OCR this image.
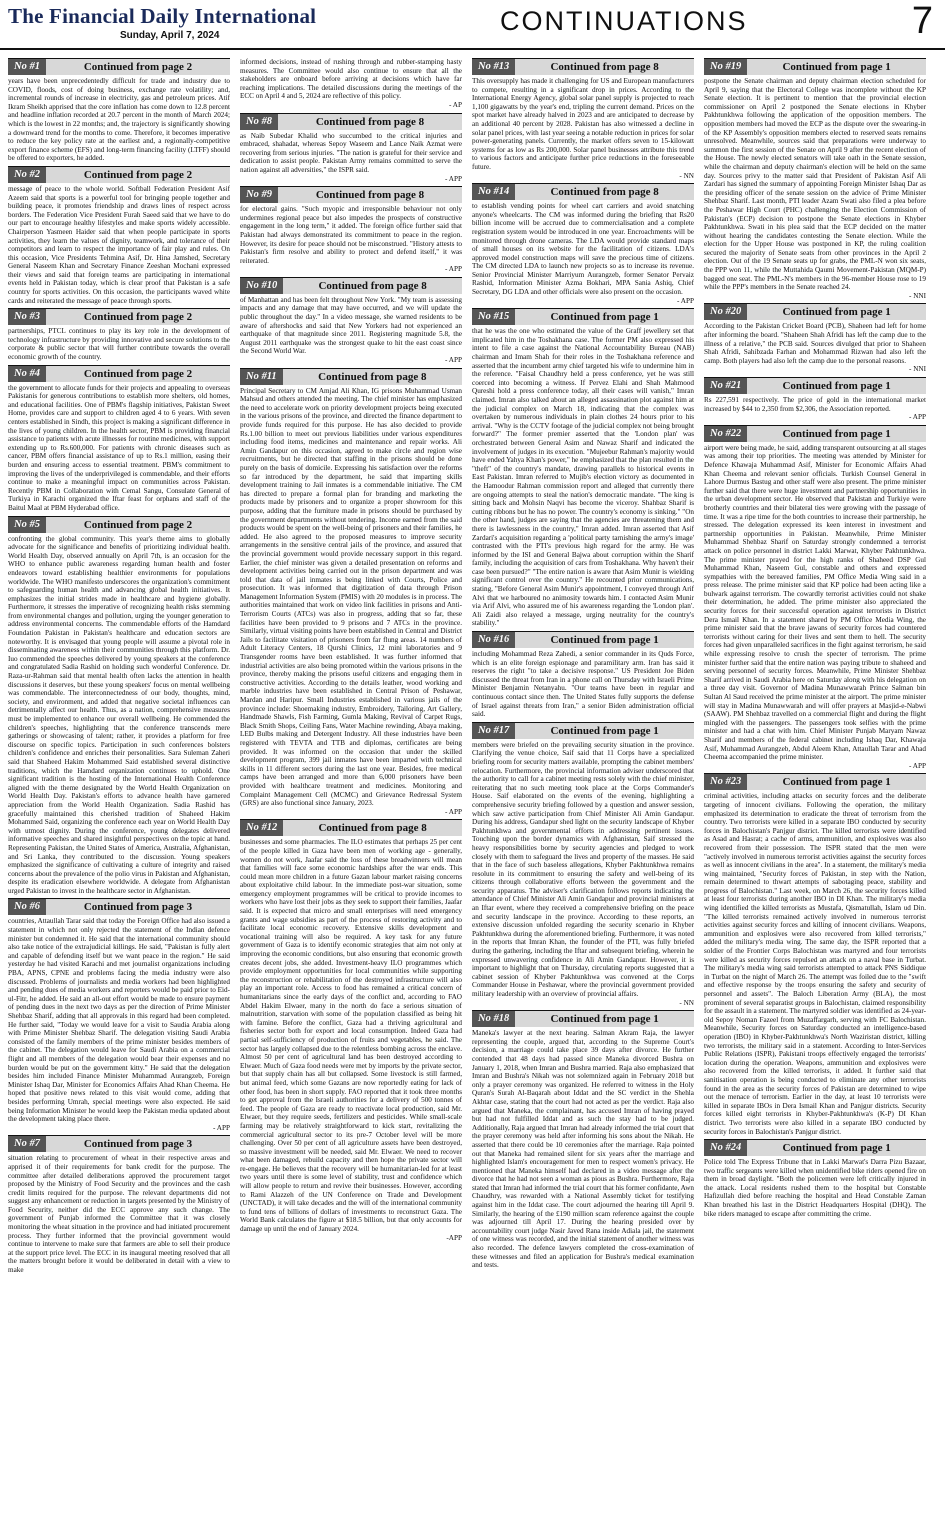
The Financial Daily International
Sunday, April 7, 2024	CONTINUATIONS	7
No #1	Continued from page 2
years have been unprecedentedly difficult for trade and industry due to COVID, floods, cost of doing business, exchange rate volatility; and, incremental rounds of increase in electricity, gas and petroleum prices. Atif Ikram Sheikh apprised that the core inflation has come down to 12.8 percent and headline inflation recorded at 20.7 percent in the month of March 2024; which is the lowest in 22 months; and, the trajectory is significantly showing a downward trend for the months to come. Therefore, it becomes imperative to reduce the key policy rate at the earliest and, a regionally-competitive export finance scheme (EFS) and long-term financing facility (LTFF) should be offered to exporters, he added.
No #2	Continued from page 2
message of peace to the whole world. Softball Federation President Asif Azeem said that sports is a powerful tool for bringing people together and building peace, it promotes friendship and draws lines of respect across borders. The Federation Vice President Furah Saeed said that we have to do our part to encourage healthy lifestyles and make sports widely accessible. Chairperson Yasmeen Haider said that when people participate in sports activities, they learn the values of dignity, teamwork, and tolerance of their competitors and learn to respect the importance of fair play and rules. On this occasion, Vice Presidents Tehmina Asif, Dr. Hina Jamshed, Secretary General Naseem Khan and Secretary Finance Zeeshan Mochani expressed their views and said that foreign teams are participating in international events held in Pakistan today, which is clear proof that Pakistan is a safe country for sports activities. On this occasion, the participants waved white cards and reiterated the message of peace through sports.
No #3	Continued from page 2
partnerships, PTCL continues to play its key role in the development of technology infrastructure by providing innovative and secure solutions to the corporate & public sector that will further contribute towards the overall economic growth of the country.
No #4	Continued from page 2
the government to allocate funds for their projects and appealing to overseas Pakistanis for generous contributions to establish more shelters, old homes, and educational facilities. One of PBM's flagship initiatives, Pakistan Sweet Home, provides care and support to children aged 4 to 6 years. With seven centers established in Sindh, this project is making a significant difference in the lives of young children. In the health sector, PBM is providing financial assistance to patients with acute illnesses for routine medicines, with support extending up to Rs.600,000. For patients with chronic diseases such as cancer, PBM offers financial assistance of up to Rs.1 million, easing their burden and ensuring access to essential treatment. PBM's commitment to improving the lives of the underprivileged is commendable, and their efforts continue to make a meaningful impact on communities across Pakistan. Recently PBM in Collaboration with Cemal Sangu, Consulate General of Turkiya in Karachi organized the Iftar feast for orphans and staff of the Baitul Maal at PBM Hyderabad office.
No #5	Continued from page 2
confronting the global community. This year's theme aims to globally advocate for the significance and benefits of prioritizing individual health. World Health Day, observed annually on April 7th, is an occasion for the WHO to enhance public awareness regarding human health and foster endeavors toward establishing healthier environments for populations worldwide. The WHO manifesto underscores the organization's commitment to safeguarding human health and advancing global health initiatives. It emphasizes the initial strides made in healthcare and hygiene globally. Furthermore, it stresses the imperative of recognizing health risks stemming from environmental changes and pollution, urging the younger generation to address environmental concerns. The commendable efforts of the Hamdard Foundation Pakistan in Pakistan's healthcare and education sectors are noteworthy. It is envisaged that young people will assume a pivotal role in disseminating awareness within their communities through this platform. Dr. Iuo commended the speeches delivered by young speakers at the conference and congratulated Sadia Rashid on holding such wonderful Conference. Dr. Raza-ur-Rahman said that mental health often lacks the attention in health discussions it deserves, but these young speakers' focus on mental wellbeing was commendable. The interconnectedness of our body, thoughts, mind, society, and environment, and added that negative societal influences can detrimentally affect our health. Thus, as a nation, comprehensive measures must be implemented to enhance our overall wellbeing. He commended the children's speeches, highlighting that the conference transcends mere gatherings or showcasing of talent; rather, it provides a platform for free discourse on specific topics. Participation in such conferences bolsters children's confidence and enriches their personalities. Sara Suleman Zaheri said that Shaheed Hakim Mohammed Said established several distinctive traditions, which the Hamdard organization continues to uphold. One significant tradition is the hosting of the International Health Conference aligned with the theme designated by the World Health Organization on World Health Day. Pakistan's efforts to advance health have garnered appreciation from the World Health Organization. Sadia Rashid has gracefully maintained this cherished tradition of Shaheed Hakim Mohammed Said, organizing the conference each year on World Health Day with utmost dignity. During the conference, young delegates delivered informative speeches and shared insightful perspectives on the topic at hand. Representing Pakistan, the United States of America, Australia, Afghanistan, and Sri Lanka, they contributed to the discussion. Young speakers emphasized the significance of cultivating a culture of integrity and raised concerns about the prevalence of the polio virus in Pakistan and Afghanistan, despite its eradication elsewhere worldwide. A delegate from Afghanistan urged Pakistan to invest in the healthcare sector in Afghanistan.
No #6	Continued from page 3
countries, Attaullah Tarar said that today the Foreign Office had also issued a statement in which not only rejected the statement of the Indian defence minister but condemned it. He said that the international community should also take notice of the extrajudicial killings. He said, "Pakistan is fully alert and capable of defending itself but we want peace in the region." He said yesterday he had visited Karachi and met journalist organizations including PBA, APNS, CPNE and problems facing the media industry were also discussed. Problems of journalists and media workers had been highlighted and pending dues of media workers and reporters would be paid prior to Eid-ul-Fitr, he added. He said an all-out effort would be made to ensure payment of pending dues in the next two days as per the direction of Prime Minister Shehbaz Sharif, adding that all approvals in this regard had been completed. He further said, "Today we would leave for a visit to Saudia Arabia along with Prime Minister Shehbaz Sharif. The delegation visiting Saudi Arabia consisted of the family members of the prime minister besides members of the cabinet. The delegation would leave for Saudi Arabia on a commercial flight and all members of the delegation would bear their expenses and no burden would be put on the government kitty." He said that the delegation besides him included Finance Minister Muhammad Aurangzeb, Foreign Minister Ishaq Dar, Minister for Economics Affairs Ahad Khan Cheema. He hoped that positive news related to this visit would come, adding that besides performing Umrah, special meetings were also expected. He said being Information Minister he would keep the Pakistan media updated about the development taking place there.
- APP
No #7	Continued from page 3
situation relating to procurement of wheat in their respective areas and apprised it of their requirements for bank credit for the purpose. The committee after detailed deliberations approved the procurement target proposed by the Ministry of Food Security and the provinces and the cash credit limits required for the purpose. The relevant departments did not suggest any enhancement or reduction in targets presented by the Ministry of Food Security, neither did the ECC approve any such change. The government of Punjab informed the Committee that it was closely monitoring the wheat situation in the province and had initiated procurement process. They further informed that the provincial government would continue to intervene to make sure that farmers are able to sell their produce at the support price level. The ECC in its inaugural meeting resolved that all the matters brought before it would be deliberated in detail with a view to make
informed decisions, instead of rushing through and rubber-stamping hasty measures. The Committee would also continue to ensure that all the stakeholders are onboard before arriving at decisions which have far reaching implications. The detailed discussions during the meetings of the ECC on April 4 and 5, 2024 are reflective of this policy.
- AP
No #8	Continued from page 8
as Naib Subedar Khalid who succumbed to the critical injuries and embraced, shahadat, whereas Sepoy Waseem and Lance Naik Azmat were recovering from serious injuries. "The nation is grateful for their service and dedication to assist people. Pakistan Army remains committed to serve the nation against all adversities," the ISPR said.
- APP
No #9	Continued from page 8
for electoral gains. "Such myopic and irresponsible behaviour not only undermines regional peace but also impedes the prospects of constructive engagement in the long term," it added. The foreign office further said that Pakistan had always demonstrated its commitment to peace in the region. However, its desire for peace should not be misconstrued. "History attests to Pakistan's firm resolve and ability to protect and defend itself," it was reiterated.
- APP
No #10	Continued from page 8
of Manhattan and has been felt throughout New York. "My team is assessing impacts and any damage that may have occurred, and we will update the public throughout the day." In a video message, she warned residents to be aware of aftershocks and said that New Yorkers had not experienced an earthquake of that magnitude since 2011. Registering magnitude 5.8, the August 2011 earthquake was the strongest quake to hit the east coast since the Second World War.
- APP
No #11	Continued from page 8
Principal Secretary to CM Amjad Ali Khan, IG prisons Muhammad Usman Mahsud and others attended the meeting. The chief minister has emphasized the need to accelerate work on priority development projects being executed in the various prisons of the province, and directed the finance department to provide funds required for this purpose. He has also decided to provide Rs.1.00 billion to meet out previous liabilities under various expenditures including food items, medicines and maintenance and repair works. Ali Amin Gandapur on this occasion, agreed to make circle and region wise recruitments, but he directed that staffing in the prisons should be done purely on the basis of domicile. Expressing his satisfaction over the reforms so far introduced by the department, he said that imparting skills development training to Jail inmates is a commendable initiative. The CM has directed to prepare a formal plan for branding and marketing the products made by prisoners and to organize a proper showroom for this purpose, adding that the furniture made in prisons should be purchased by the government departments without tendering. Income earned from the said products would be spent on the well-being of prisoners and their families, he added. He also agreed to the proposed measures to improve security arrangements in the sensitive central jails of the province, and assured that the provincial government would provide necessary support in this regard. Earlier, the chief minister was given a detailed presentation on reforms and development activities being carried out in the prison department and was told that data of jail inmates is being linked with Courts, Police and prosecution. It was informed that digitization of data through Prison Management Information System (PMIS) with 20 modules is in process. The authorities maintained that work on video link facilities in prisons and Anti-Terrorism Courts (ATCs) was also in progress, adding that so far, these facilities have been provided to 9 prisons and 7 ATCs in the province. Similarly, virtual visiting points have been established in Central and District Jails to facilitate visitation of prisoners from far flung areas. 14 numbers of Adult Literacy Centers, 18 Qurshi Clinics, 12 mini laboratories and 9 Transgender rooms have been established. It was further informed that industrial activities are also being promoted within the various prisons in the province, thereby making the prisons useful citizens and engaging them in constructive activities. According to the details leather, wood working and marble industries have been established in Central Prison of Peshawar, Mardan and Haripur. Small Industries established in various jails of the province include: Shoemaking industry, Embroidery, Tailoring, Art Gallery, Handmade Shawls, Fish Farming, Gumla Making, Revival of Carpet Rugs, Black Smith Shops, Ceiling Fans, Water Machine rewinding, Abaya making, LED Bulbs making and Detergent Industry. All these industries have been registered with TEVTA and TTB and diplomas, certificates are being provided. It was informed on the occasion that under the skilled development program, 399 jail inmates have been imparted with technical skills in 11 different sectors during the last one year. Besides, free medical camps have been arranged and more than 6,000 prisoners have been provided with healthcare treatment and medicines. Monitoring and Complaint Management Cell (MCMC) and Grievance Redressal System (GRS) are also functional since January, 2023.
- APP
No #12	Continued from page 8
businesses and some pharmacies. The ILO estimates that perhaps 25 per cent of the people killed in Gaza have been men of working age - generally, women do not work, Jaafar said the loss of these breadwinners will mean that families will face some economic hardships after the war ends. This could mean more children in a future Gazan labour market raising concerns about exploitative child labour. In the immediate post-war situation, some emergency employment programmes will be critical to provide incomes to workers who have lost their jobs as they seek to support their families, Jaafar said. It is expected that micro and small enterprises will need emergency grants and wage subsidies as part of the process of restoring activity and to facilitate local economic recovery. Extensive skills development and vocational training will also be required. A key task for any future government of Gaza is to identify economic strategies that aim not only at improving the economic conditions, but also ensuring that economic growth creates decent jobs, she added. Investment-heavy ILO programmes which provide employment opportunities for local communities while supporting the reconstruction or rehabilitation of the destroyed infrastructure will also play an important role. Access to food has remained a critical concern of humanitarians since the early days of the conflict and, according to FAO Abdel Hakim Elwaer, many in the north do face a serious situation of malnutrition, starvation with some of the population classified as being hit with famine. Before the conflict, Gaza had a thriving agricultural and fisheries sector both for export and local consumption. Indeed Gaza had partial self-sufficiency of production of fruits and vegetables, he said. The sector has largely collapsed due to the relentless bombing across the enclave. Almost 50 per cent of agricultural land has been destroyed according to Elwaer. Much of Gaza food needs were met by imports by the private sector, but that supply chain has all but collapsed. Some livestock is still farmed, but animal feed, which some Gazans are now reportedly eating for lack of other food, has been in short supply. FAO reported that it took three months to get approval from the Israeli authorities for a delivery of 500 tonnes of feed. The people of Gaza are ready to reactivate local production, said Mr. Elwaer, but they require seeds, fertilizers and pesticides. While small-scale farming may be relatively straightforward to kick start, revitalizing the commercial agricultural sector to its pre-7 October level will be more challenging. Over 50 per cent of all agriculture assets have been destroyed, so massive investment will be needed, said Mr. Elwaer. We need to recover what been damaged, rebuild capacity and then hope the private sector will re-engage. He believes that the recovery will be humanitarian-led for at least two years until there is some level of stability, trust and confidence which will allow people to return and revive their businesses. However, according to Rami Alazzeh of the UN Conference on Trade and Development (UNCTAD), it will take decades and the will of the international community to fund tens of billions of dollars of investments to reconstruct Gaza. The World Bank calculates the figure at $18.5 billion, but that only accounts for damage up until the end of January 2024.
-APP
No #13	Continued from page 8
This oversupply has made it challenging for US and European manufacturers to compete, resulting in a significant drop in prices. According to the International Energy Agency, global solar panel supply is projected to reach 1,100 gigawatts by the year's end, tripling the current demand. Prices on the spot market have already halved in 2023 and are anticipated to decrease by an additional 40 percent by 2028. Pakistan has also witnessed a decline in solar panel prices, with last year seeing a notable reduction in prices for solar power-generating panels. Currently, the market offers seven to 15-kilowatt systems for as low as Rs 200,000. Solar panel businesses attribute this trend to various factors and anticipate further price reductions in the foreseeable future.
- NN
No #14	Continued from page 8
to establish vending points for wheel cart carriers and avoid snatching anyone's wheelcarts. The CM was informed during the briefing that Rs20 billion income will be accrued due to commercialisation and a complete registration system would be introduced in one year. Encroachments will be monitored through drone cameras. The LDA would provide standard maps of small houses on its website for the facilitation of citizens. LDA's approved model construction maps will save the precious time of citizens. The CM directed LDA to launch new projects so as to increase its revenue. Senior Provincial Minister Marriyum Aurangzeb, former Senator Pervaiz Rashid, Information Minister Azma Bokhari, MPA Sania Ashiq, Chief Secretary, DG LDA and other officials were also present on the occasion.
- APP
No #15	Continued from page 1
that he was the one who estimated the value of the Graff jewellery set that implicated him in the Toshakhana case. The former PM also expressed his intent to file a case against the National Accountability Bureau (NAB) chairman and Imam Shah for their roles in the Toshakhana reference and asserted that the incumbent army chief targeted his wife to undermine him in the reference. "Faisal Chaudhry held a press conference, yet he was still coerced into becoming a witness. If Pervez Elahi and Shah Mahmood Qureshi hold a press conference today, all their cases will vanish," Imran claimed. Imran also talked about an alleged assassination plot against him at the judicial complex on March 18, indicating that the complex was overtaken by numerous individuals in plain clothes 24 hours prior to his arrival. "Why is the CCTV footage of the judicial complex not being brought forward?" The former premier asserted that the 'London plan' was orchestrated between General Asim and Nawaz Sharif and indicated the involvement of judges in its execution. "Mujeebur Rahman's majority would have ended Yahya Khan's power," he emphasized that the plan resulted in the "theft" of the country's mandate, drawing parallels to historical events in East Pakistan. Imran referred to Mujib's election victory as documented in the Hamoodur Rahman commission report and alleged that currently there are ongoing attempts to steal the nation's democratic mandate. "The king is sitting back and Mohsin Naqvi has become the viceroy. Shahbaz Sharif is cutting ribbons but he has no power. The country's economy is sinking." "On the other hand, judges are saying that the agencies are threatening them and there is lawlessness in the country," Imran added. Imran asserted that Asif Zardari's acquisition regarding a 'political party tarnishing the army's image' contrasted with the PTI's previous high regard for the army. He was informed by the ISI and General Bajwa about corruption within the Sharif family, including the acquisition of cars from Toshakhana. Why haven't their case been pursued?" "The entire nation is aware that Asim Munir is wielding significant control over the country." He recounted prior communications, stating, "Before General Asim Munir's appointment, I conveyed through Arif Alvi that we harboured no animosity towards him. I contacted Asim Munir via Arif Alvi, who assured me of his awareness regarding the 'London plan'. Ali Zaidi also relayed a message, urging neutrality for the country's stability."
No #16	Continued from page 1
including Mohammad Reza Zahedi, a senior commander in its Quds Force, which is an elite foreign espionage and paramilitary arm. Iran has said it reserves the right "to take a decisive response." US President Joe Biden discussed the threat from Iran in a phone call on Thursday with Israeli Prime Minister Benjamin Netanyahu. "Our teams have been in regular and continuous contact since then. The United States fully supports the defense of Israel against threats from Iran," a senior Biden administration official said.
No #17	Continued from page 1
members were briefed on the prevailing security situation in the province. Clarifying the venue choice, Saif said that 11 Corps have a specialized briefing room for security matters available, prompting the cabinet members' relocation. Furthermore, the provincial information adviser underscored that the authority to call for a cabinet meeting rests solely with the chief minister, reiterating that no such meeting took place at the Corps Commander's House. Saif elaborated on the events of the evening, highlighting a comprehensive security briefing followed by a question and answer session, which saw active participation from Chief Minister Ali Amin Gandapur. During his address, Gandapur shed light on the security landscape of Khyber Pakhtunkhwa and governmental efforts in addressing pertinent issues. Touching upon the border dynamics with Afghanistan, Saif stressed the heavy responsibilities borne by security agencies and pledged to work closely with them to safeguard the lives and property of the masses. He said that in the face of such baseless allegations, Khyber Pakhtunkhwa remains resolute in its commitment to ensuring the safety and well-being of its citizens through collaborative efforts between the government and the security apparatus. The adviser's clarification follows reports indicating the attendance of Chief Minister Ali Amin Gandapur and provincial ministers at an Iftar event, where they received a comprehensive briefing on the peace and security landscape in the province. According to these reports, an extensive discussion unfolded regarding the security scenario in Khyber Pakhtunkhwa during the aforementioned briefing. Furthermore, it was noted in the reports that Imran Khan, the founder of the PTI, was fully briefed during the gathering, including the Iftar and subsequent briefing, wherein he expressed unwavering confidence in Ali Amin Gandapur. However, it is important to highlight that on Thursday, circulating reports suggested that a cabinet session of Khyber Pakhtunkhwa was convened at the Corps Commander House in Peshawar, where the provincial government provided military leadership with an overview of provincial affairs.
- NN
No #18	Continued from page 1
Maneka's lawyer at the next hearing. Salman Akram Raja, the lawyer representing the couple, argued that, according to the Supreme Court's decision, a marriage could take place 39 days after divorce. He further contended that 48 days had passed since Maneka divorced Bushra on January 1, 2018, when Imran and Bushra married. Raja also emphasized that Imran and Bushra's Nikah was not solemnized again in February 2018 but only a prayer ceremony was organized. He referred to witness in the Holy Quran's Surah Al-Baqarah about Iddat and the SC verdict in the Shehla Akhtar case, stating that the court had not acted as per the verdict. Raja also argued that Maneka, the complainant, has accused Imran of having prayed but had not fulfilled Iddat and as such the stay had to be judged. Additionally, Raja argued that Imran had already informed the trial court that the prayer ceremony was held after informing his sons about the Nikah. He asserted that there could be 10 ceremonies after the marriage. Raja pointed out that Maneka had remained silent for six years after the marriage and highlighted Islam's encouragement for men to respect women's privacy. He mentioned that Maneka himself had declared in a video message after the divorce that he had not seen a woman as pious as Bushra. Furthermore, Raja stated that Imran had informed the trial court that his former confidante, Awn Chaudhry, was rewarded with a National Assembly ticket for testifying against him in the Iddat case. The court adjourned the hearing till April 9. Similarly, the hearing of the £190 million scam reference against the couple was adjourned till April 17. During the hearing presided over by accountability court judge Nasir Javed Rana inside Adiala jail, the statement of one witness was recorded, and the initial statement of another witness was also recorded. The defence lawyers completed the cross-examination of these witnesses and filed an application for Bushra's medical examination and tests.
No #19	Continued from page 1
postpone the Senate chairman and deputy chairman election scheduled for April 9, saying that the Electoral College was incomplete without the KP Senate election. It is pertinent to mention that the provincial election commissioner on April 2 postponed the Senate elections in Khyber Pakhtunkhwa following the application of the opposition members. The opposition members had moved the ECP as the dispute over the swearing-in of the KP Assembly's opposition members elected to reserved seats remains unresolved. Meanwhile, sources said that preparations were underway to summon the first session of the Senate on April 9 after the recent election of the House. The newly elected senators will take oath in the Senate session, while the chairman and deputy chairman's election will be held on the same day. Sources privy to the matter said that President of Pakistan Asif Ali Zardari has signed the summary of appointing Foreign Minister Ishaq Dar as the presiding officer of the senate session on the advice of Prime Minister Shehbaz Sharif. Last month, PTI leader Azam Swati also filed a plea before the Peshawar High Court (PHC) challenging the Election Commission of Pakistan's (ECP) decision to postpone the Senate elections in Khyber Pakhtunkhwa. Swati in his plea said that the ECP decided on the matter without hearing the candidates contesting the Senate election. While the election for the Upper House was postponed in KP, the ruling coalition secured the majority of Senate seats from other provinces in the April 2 election. Out of the 19 Senate seats up for grabs, the PML-N won six seats, the PPP won 11, while the Muttahida Qaumi Movement-Pakistan (MQM-P) bagged one seat. The PML-N's members in the 96-member House rose to 19 while the PPP's members in the Senate reached 24.
- NNI
No #20	Continued from page 1
According to the Pakistan Cricket Board (PCB), Shaheen had left for home after informing the board. "Shaheen Shah Afridi has left the camp due to the illness of a relative," the PCB said. Sources divulged that prior to Shaheen Shah Afridi, Sahibzada Farhan and Mohammad Rizwan had also left the camp. Both players had also left the camp due to the personal reasons.
- NNI
No #21	Continued from page 1
Rs 227,591 respectively. The price of gold in the international market increased by $44 to 2,350 from $2,306, the Association reported.
- APP
No #22	Continued from page 1
airport were being made, he said, adding transparent outsourcing at all stages was among their top priorities. The meeting was attended by Minister for Defence Khawaja Muhammad Asif, Minister for Economic Affairs Ahad Khan Cheema and relevant senior officials. Turkish Counsel General in Lahore Durmus Bastug and other staff were also present. The prime minister further said that there were huge investment and partnership opportunities in the urban development sector. He observed that Pakistan and Turkiye were brotherly countries and their bilateral ties were growing with the passage of time. It was a ripe time for the both countries to increase their partnership, he stressed. The delegation expressed its keen interest in investment and partnership opportunities in Pakistan. Meanwhile, Prime Minister Muhammad Shehbaz Sharif on Saturday strongly condemned a terrorist attack on police personnel in district Lakki Marwat, Khyber Pakhtunkhwa. The prime minister prayed for the high ranks of Shaheed DSP Gul Muhammad Khan, Naseem Gul, constable and others and expressed sympathies with the bereaved families, PM Office Media Wing said in a press release. The prime minister said that KP police had been acting like a bulwark against terrorism. The cowardly terrorist activities could not shake their determination, he added. The prime minister also appreciated the security forces for their successful operation against terrorists in District Dera Ismail Khan. In a statement shared by PM Office Media Wing, the prime minister said that the brave jawans of security forces had countered terrorists without caring for their lives and sent them to hell. The security forces had given unparalleled sacrifices in the fight against terrorism, he said while expressing resolve to crush the specter of terrorism. The prime minister further said that the entire nation was paying tribute to shaheed and serving personnel of security forces. Meanwhile, Prime Minister Shehbaz Sharif arrived in Saudi Arabia here on Saturday along with his delegation on a three day visit. Governor of Madina Munawwarah Prince Salman bin Sultan Al Saud received the prime minister at the airport. The prime minister will stay in Madina Munawwarah and will offer prayers at Masjid-e-Nabwi (SAAW). PM Shehbaz travelled on a commercial flight and during the flight mingled with the passengers. The passengers took selfies with the prime minister and had a chat with him. Chief Minister Punjab Maryam Nawaz Sharif and members of the federal cabinet including Ishaq Dar, Khawaja Asif, Muhammad Aurangzeb, Abdul Aleem Khan, Attaullah Tarar and Ahad Cheema accompanied the prime minister.
- APP
No #23	Continued from page 1
criminal activities, including attacks on security forces and the deliberate targeting of innocent civilians. Following the operation, the military emphasized its determination to eradicate the threat of terrorism from the country. Two terrorists were killed in a separate IBO conducted by security forces in Balochistan's Panjgur district. The killed terrorists were identified as Asad and Hasrat; a cache of arms, ammunition, and explosives was also recovered from their possession. The ISPR stated that the men were "actively involved in numerous terrorist activities against the security forces as well as innocent civilians in the area". In a statement, the military's media wing maintained, "Security forces of Pakistan, in step with the Nation, remain determined to thwart attempts of sabotaging peace, stability and progress of Balochistan." Last week, on March 26, the security forces killed at least four terrorists during another IBO in DI Khan. The military's media wing identified the killed terrorists as Mustafa, Qismatullah, Islam ud Din. "The killed terrorists remained actively involved in numerous terrorist activities against security forces and killing of innocent civilians. Weapons, ammunition and explosives were also recovered from killed terrorists," added the military's media wing. The same day, the ISPR reported that a soldier of the Frontier Corps Balochistan was martyred and four terrorists were killed as security forces repulsed an attack on a naval base in Turbat. The military's media wing said terrorists attempted to attack PNS Siddique in Turbat on the night of March 26. The attempt was foiled due to the "swift and effective response by the troops ensuring the safety and security of personnel and assets". The Baloch Liberation Army (BLA), the most prominent of several separatist groups in Balochistan, claimed responsibility for the assault in a statement. The martyred soldier was identified as 24-year-old Sepoy Noman Fazeel from Muzaffargarh, serving with FC Balochistan. Meanwhile, Security forces on Saturday conducted an intelligence-based operation (IBO) in Khyber-Pakhtunkhwa's North Waziristan district, killing two terrorists, the military said in a statement. According to Inter-Services Public Relations (ISPR), Pakistani troops effectively engaged the terrorists' location during the operation. Weapons, ammunition and explosives were also recovered from the killed terrorists, it added. It further said that sanitisation operation is being conducted to eliminate any other terrorists found in the area as the security forces of Pakistan are determined to wipe out the menace of terrorism. Earlier in the day, at least 10 terrorists were killed in separate IBOs in Dera Ismail Khan and Panjgur districts. Security forces killed eight terrorists in Khyber-Pakhtunkhwa's (K-P) DI Khan district. Two terrorists were also killed in a separate IBO conducted by security forces in Balochistan's Panjgur district.
No #24	Continued from page 1
Police told The Express Tribune that in Lakki Marwat's Darra Pizu Bazaar, two traffic sergeants were killed when unidentified bike riders opened fire on them in broad daylight. "Both the policemen were left critically injured in the attack. Local residents rushed them to the hospital but Constable Hafizullah died before reaching the hospital and Head Constable Zaman Khan breathed his last in the District Headquarters Hospital (DHQ). The bike riders managed to escape after committing the crime.
